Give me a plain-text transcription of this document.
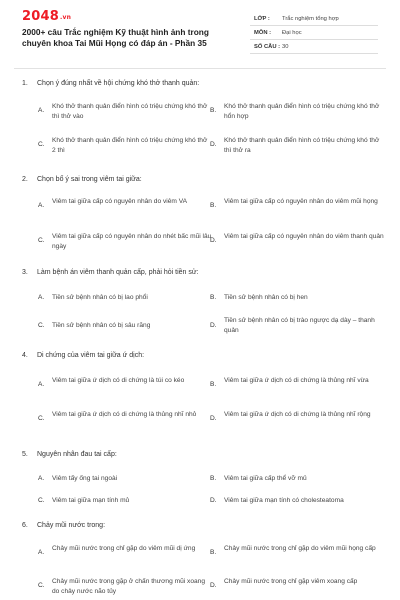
2048.vn
2000+ câu Trắc nghiệm Kỹ thuật hình ảnh trong chuyên khoa Tai Mũi Họng có đáp án - Phần 35
LỚP : Trắc nghiệm tổng hợp
MÔN : Đại học
SỐ CÂU : 30
1. Chọn ý đúng nhất về hội chứng khó thở thanh quản:
A.
Khó thở thanh quản điển hình có triệu chứng khó thở thì thở vào
B.
Khó thở thanh quản điển hình có triệu chứng khó thở hổn hợp
C.
Khó thở thanh quản điển hình có triệu chứng khó thở 2 thì
D.
Khó thở thanh quản điển hình có triệu chứng khó thở thì thở ra
2. Chọn bổ ý sai trong viêm tai giữa:
A.
Viêm tai giữa cấp có nguyên nhân do viêm VA
B.
Viêm tai giữa cấp có nguyên nhân do viêm mũi họng
C.
Viêm tai giữa cấp có nguyên nhân do nhét bấc mũi lâu ngày
D.
Viêm tai giữa cấp có nguyên nhân do viêm thanh quản
3. Làm bệnh án viêm thanh quản cấp, phải hỏi tiền sử:
A. Tiền sử bệnh nhân có bị lao phổi	B. Tiền sử bệnh nhân có bị hen
C. Tiền sử bệnh nhân có bị sâu răng	D.
Tiền sử bệnh nhân có bị trào ngược dạ dày – thanh quản
4. Di chứng của viêm tai giữa ứ dịch:
A.
Viêm tai giữa ứ dịch có di chứng là túi co kéo
B.
Viêm tai giữa ứ dịch có di chứng là thủng nhĩ vừa
C.
Viêm tai giữa ứ dịch có di chứng là thủng nhĩ nhỏ
D.
Viêm tai giữa ứ dịch có di chứng là thủng nhĩ rộng
5. Nguyên nhân đau tai cấp:
A. Viêm tấy ống tai ngoài	B. Viêm tai giữa cấp thể vỡ mủ
C. Viêm tai giữa mạn tính mủ	D. Viêm tai giữa mạn tính có cholesteatoma
6. Chảy mũi nước trong:
A.
Chảy mũi nước trong chỉ gặp do viêm mũi dị ứng
B.
Chảy mũi nước trong chỉ gặp do viêm mũi họng cấp
C.
Chảy mũi nước trong gặp ở chấn thương mũi xoang do chảy nước não tủy
D.
Chảy mũi nước trong chỉ gặp viêm xoang cấp
